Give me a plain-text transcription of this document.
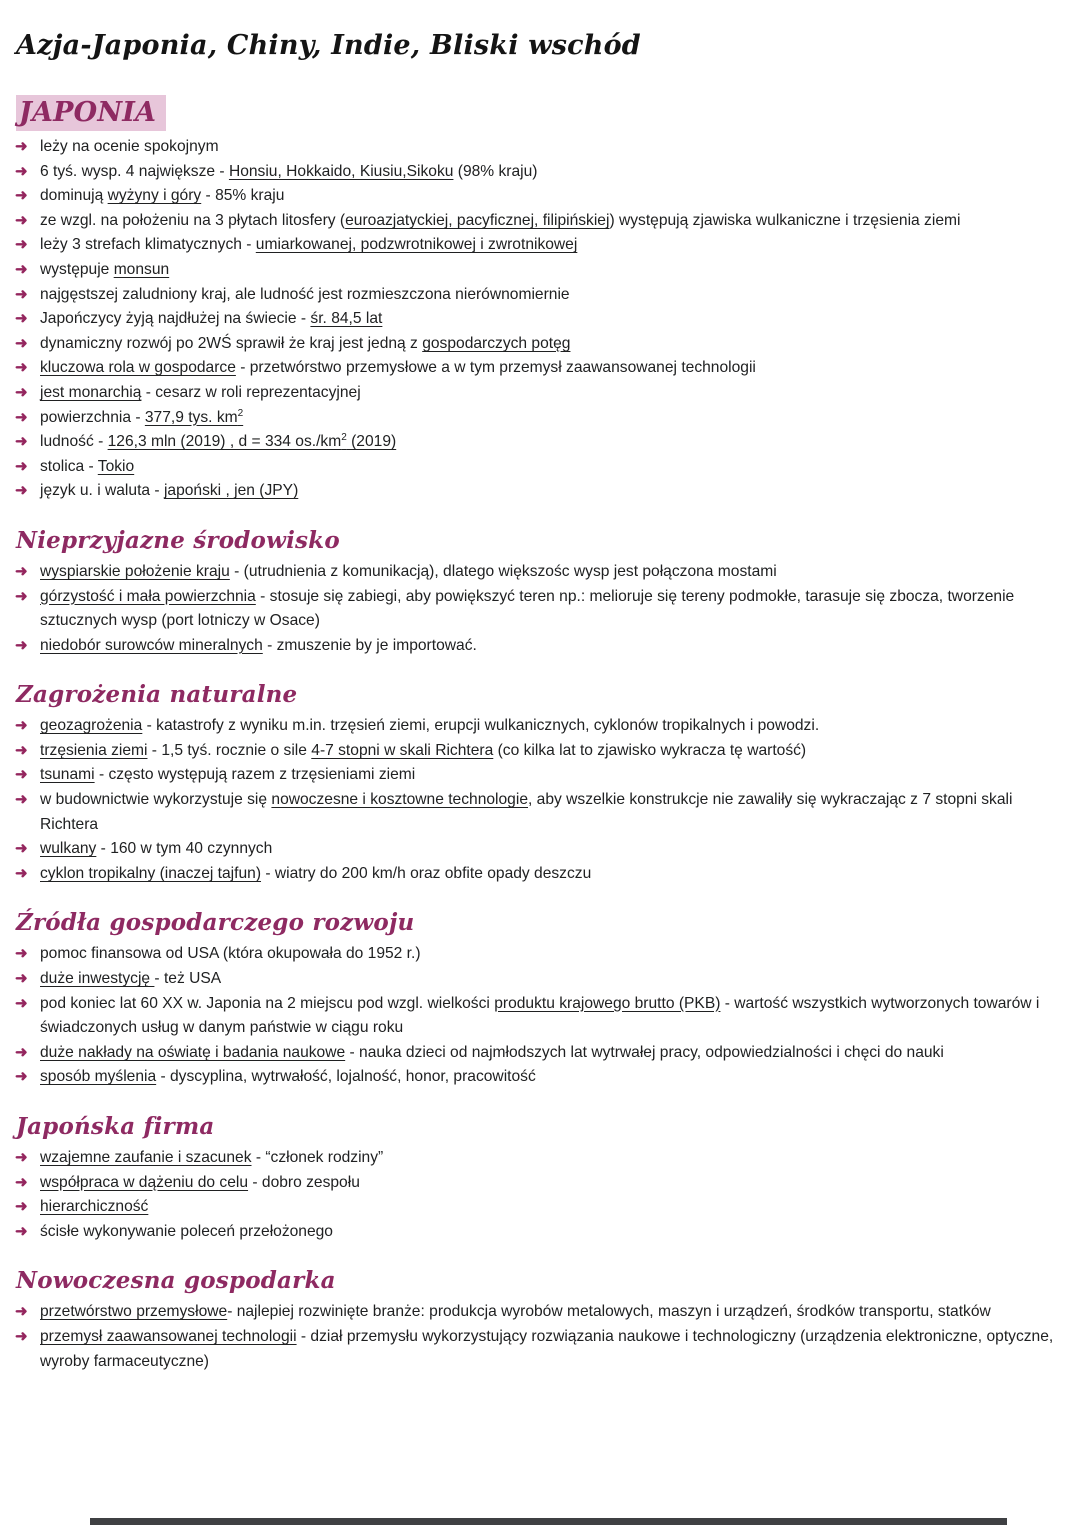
Azja-Japonia, Chiny, Indie, Bliski wschód
JAPONIA
➜ leży na ocenie spokojnym
➜ 6 tyś. wysp. 4 największe - Honsiu, Hokkaido, Kiusiu,Sikoku (98% kraju)
➜ dominują wyżyny i góry - 85% kraju
➜ ze wzgl. na położeniu na 3 płytach litosfery (euroazjatyckiej, pacyficznej, filipińskiej) występują zjawiska wulkaniczne i trzęsienia ziemi
➜ leży 3 strefach klimatycznych - umiarkowanej, podzwrotnikowej i zwrotnikowej
➜ występuje monsun
➜ najgęstszej zaludniony kraj, ale ludność jest rozmieszczona nierównomiernie
➜ Japończycy żyją najdłużej na świecie - śr. 84,5 lat
➜ dynamiczny rozwój po 2WŚ sprawił że kraj jest jedną z gospodarczych potęg
➜ kluczowa rola w gospodarce - przetwórstwo przemysłowe a w tym przemysł zaawansowanej technologii
➜ jest monarchią - cesarz w roli reprezentacyjnej
➜ powierzchnia - 377,9 tys. $km^2$
➜ ludność - 126,3 mln (2019) , d = 334 $os./km^2$ (2019)
➜ stolica - Tokio
➜ język u. i waluta - japoński , jen (JPY)
Nieprzyjazne środowisko
➜ wyspiarskie położenie kraju - (utrudnienia z komunikacją), dlatego większośc wysp jest połączona mostami
➜ górzystość i mała powierzchnia - stosuje się zabiegi, aby powiększyć teren np.: melioruje się tereny podmokłe, tarasuje się zbocza, tworzenie sztucznych wysp (port lotniczy w Osace)
➜ niedobór surowców mineralnych - zmuszenie by je importować.
Zagrożenia naturalne
➜ geozagrożenia - katastrofy z wyniku m.in. trzęsień ziemi, erupcji wulkanicznych, cyklonów tropikalnych i powodzi.
➜ trzęsienia ziemi - 1,5 tyś. rocznie o sile 4-7 stopni w skali Richtera (co kilka lat to zjawisko wykracza tę wartość)
➜ tsunami - często występują razem z trzęsieniami ziemi
➜ w budownictwie wykorzystuje się nowoczesne i kosztowne technologie, aby wszelkie konstrukcje nie zawaliły się wykraczając z 7 stopni skali Richtera
➜ wulkany - 160 w tym 40 czynnych
➜ cyklon tropikalny (inaczej tajfun) - wiatry do 200 km/h oraz obfite opady deszczu
Źródła gospodarczego rozwoju
➜ pomoc finansowa od USA (która okupowała do 1952 r.)
➜ duże inwestycję - też USA
➜ pod koniec lat 60 XX w. Japonia na 2 miejscu pod wzgl. wielkości produktu krajowego brutto (PKB) - wartość wszystkich wytworzonych towarów i świadczonych usług w danym państwie w ciągu roku
➜ duże nakłady na oświatę i badania naukowe - nauka dzieci od najmłodszych lat wytrwałej pracy, odpowiedzialności i chęci do nauki
➜ sposób myślenia - dyscyplina, wytrwałość, lojalność, honor, pracowitość
Japońska firma
➜ wzajemne zaufanie i szacunek - “członek rodziny”
➜ współpraca w dążeniu do celu - dobro zespołu
➜ hierarchiczność
➜ ścisłe wykonywanie poleceń przełożonego
Nowoczesna gospodarka
➜ przetwórstwo przemysłowe- najlepiej rozwinięte branże: produkcja wyrobów metalowych, maszyn i urządzeń, środków transportu, statków
➜ przemysł zaawansowanej technologii - dział przemysłu wykorzystujący rozwiązania naukowe i technologiczny (urządzenia elektroniczne, optyczne, wyroby farmaceutyczne)
